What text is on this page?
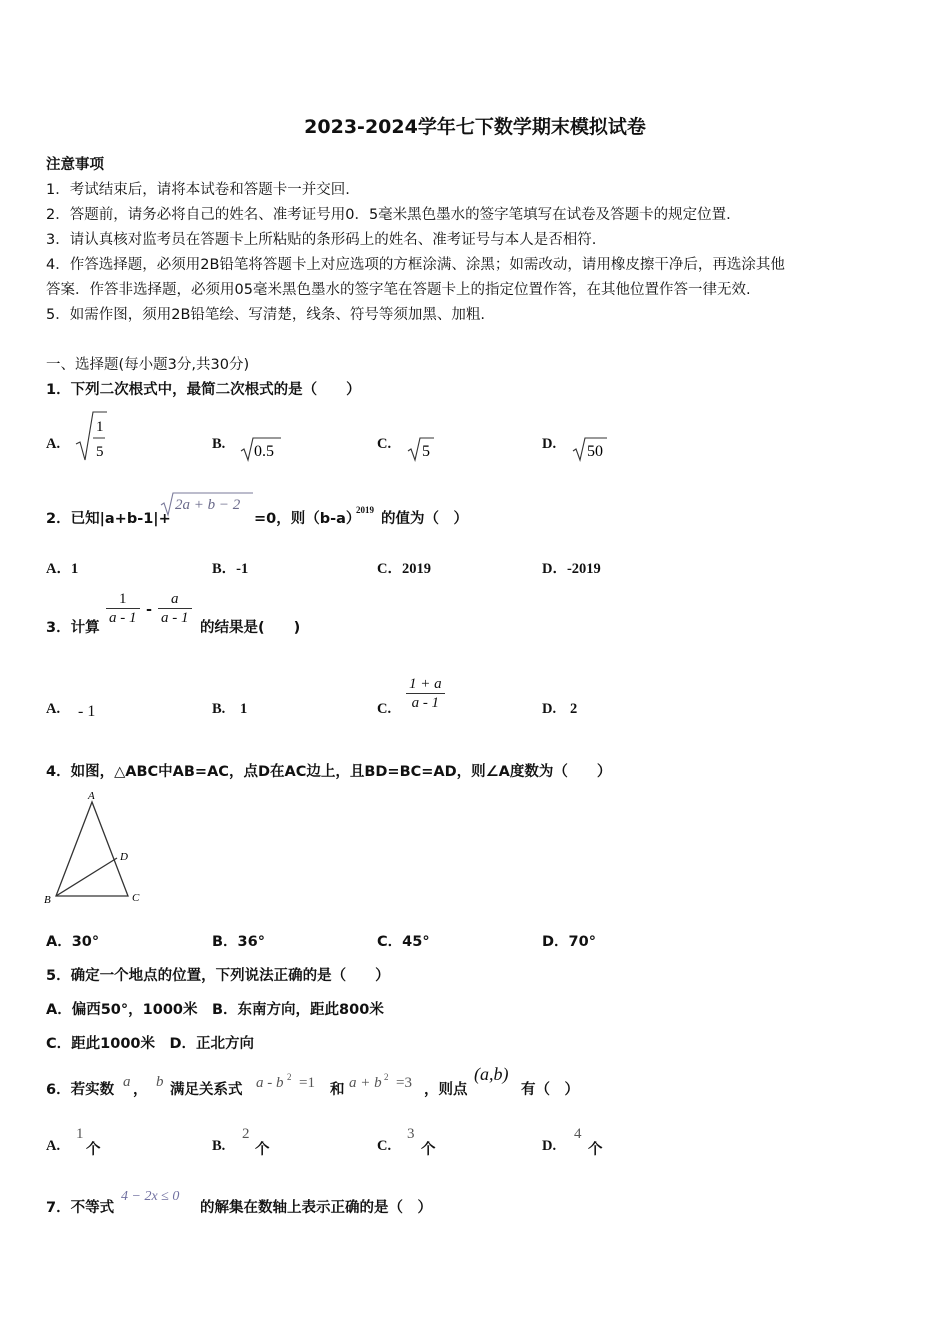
2023-2024学年七下数学期末模拟试卷
注意事项
1．考试结束后，请将本试卷和答题卡一并交回.
2．答题前，请务必将自己的姓名、准考证号用0．5毫米黑色墨水的签字笔填写在试卷及答题卡的规定位置.
3．请认真核对监考员在答题卡上所粘贴的条形码上的姓名、准考证号与本人是否相符.
4．作答选择题，必须用2B铅笔将答题卡上对应选项的方框涂满、涂黑；如需改动，请用橡皮擦干净后，再选涂其他
答案．作答非选择题，必须用05毫米黑色墨水的签字笔在答题卡上的指定位置作答，在其他位置作答一律无效.
5．如需作图，须用2B铅笔绘、写清楚，线条、符号等须加黑、加粗.
一、选择题(每小题3分,共30分)
1．下列二次根式中，最简二次根式的是（　　）
A.
1
5	B. 0.5	C. 5	D. 50
2．已知|a+b-1|+
2a + b − 2
=0，则（b-a）
2019
的值为（　）
A．1	B．-1	C．2019	D．-2019
3．计算
$\frac{1}{a - 1} - \frac{a}{a - 1}$
的结果是(　　)
A. - 1	B. 1	C. $\frac{1 + a}{a - 1}$	D. 2
4．如图，△ABC中AB=AC，点D在AC边上，且BD=BC=AD，则∠A度数为（　　）
A
B	C
D
A．30°	B．36°	C．45°	D．70°
5．确定一个地点的位置，下列说法正确的是（　　）
A．偏西50°，1000米　B．东南方向，距此800米
C．距此1000米　D．正北方向
6．若实数 a ， b 满足关系式 a - b 2 =1 和 a + b 2 =3 ，则点
(a,b)
有（　）
A.
1
个	B.
2
个	C.
3
个	D.
4
个
7．不等式
4 − 2x ≤ 0
的解集在数轴上表示正确的是（　）
